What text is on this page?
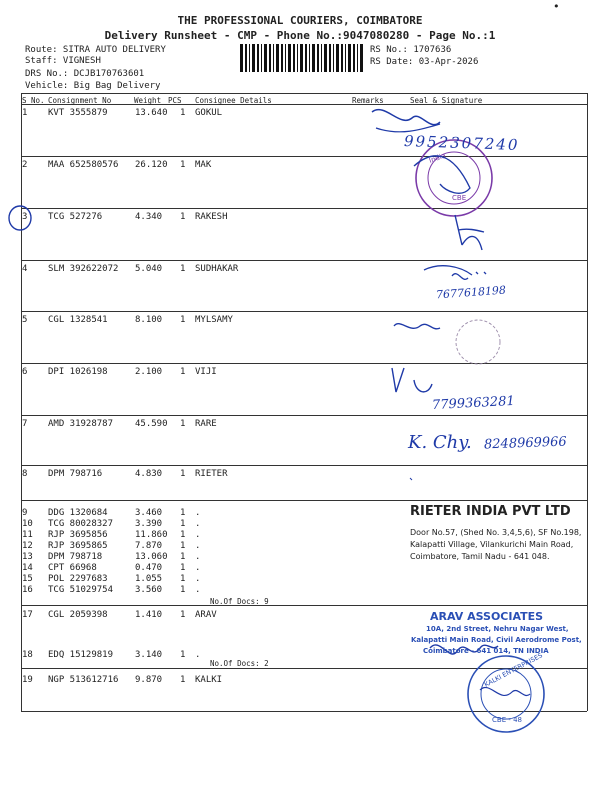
•
THE PROFESSIONAL COURIERS, COIMBATORE
Delivery Runsheet - CMP - Phone No.:9047080280 - Page No.:1
Route: SITRA AUTO DELIVERY
Staff: VIGNESH
DRS No.: DCJB170763601
Vehicle: Big Bag Delivery
RS No.: 1707636
RS Date: 03-Apr-2026
S No. Consignment No	Weight PCS Consignee Details	Remarks	Seal & Signature
1 KVT 3555879	13.640 1 GOKUL
2 MAA 652580576 26.120 1 MAK
3 TCG 527276	4.340 1 RAKESH
4 SLM 392622072 5.040 1 SUDHAKAR
5 CGL 1328541	8.100 1 MYLSAMY
6 DPI 1026198	2.100 1 VIJI
7 AMD 31928787 45.590 1 RARE
8 DPM 798716	4.830 1 RIETER
9 DDG 1320684	3.460 1 .
10 TCG 80028327 3.390 1 .
11 RJP 3695856	11.860 1 .
12 RJP 3695865	7.870 1 .
13 DPM 798718	13.060 1 .
14 CPT 66968	0.470 1 .
15 POL 2297683	1.055 1 .
16 TCG 51029754 3.560 1 .
17 CGL 2059398	1.410 1 ARAV
18 EDQ 15129819 3.140 1 .
19 NGP 513612716 9.870 1 KALKI
No.Of Docs: 9
No.Of Docs: 2
India
CBE
9952307240
7677618198
7799363281
K. Chy. 8248969966
RIETER INDIA PVT LTD
Door No.57, (Shed No. 3,4,5,6), SF No.198,
Kalapatti Village, Vilankurichi Main Road,
Coimbatore, Tamil Nadu - 641 048.
ARAV ASSOCIATES
10A, 2nd Street, Nehru Nagar West,
Kalapatti Main Road, Civil Aerodrome Post,
Coimbatore - 641 014, TN INDIA
KALKI ENTERPRISES
CBE - 48
